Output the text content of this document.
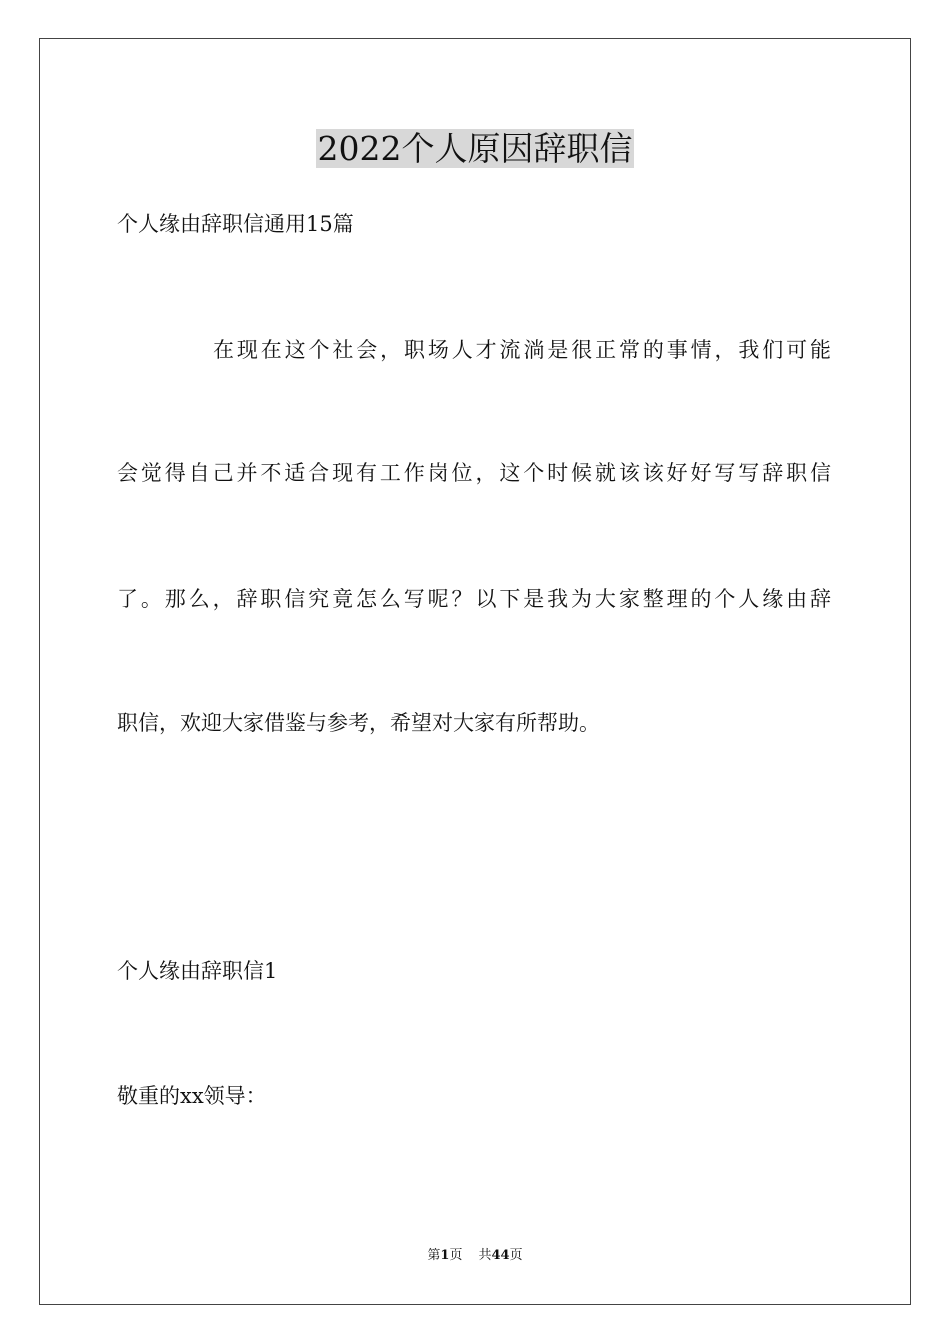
2022个人原因辞职信
个人缘由辞职信通用15篇
在现在这个社会，职场人才流淌是很正常的事情，我们可能
会觉得自己并不适合现有工作岗位，这个时候就该该好好写写辞职信
了。那么，辞职信究竟怎么写呢？以下是我为大家整理的个人缘由辞
职信，欢迎大家借鉴与参考，希望对大家有所帮助。
个人缘由辞职信1
敬重的xx领导：
第1页 共44页
